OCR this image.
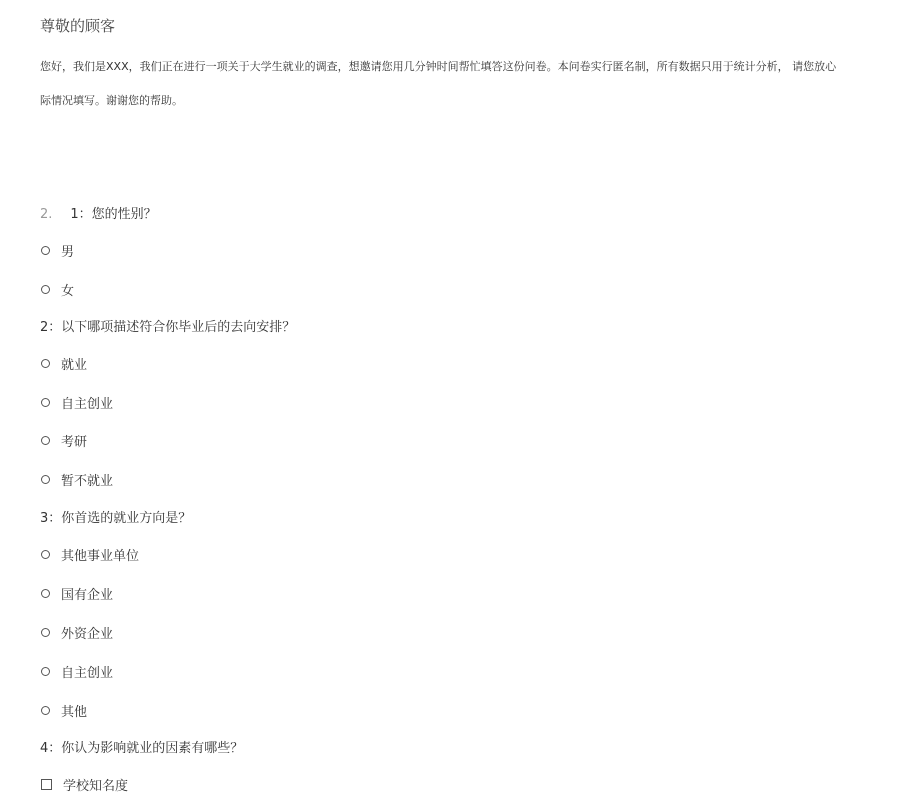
尊敬的顾客
您好，我们是XXX，我们正在进行一项关于大学生就业的调查，想邀请您用几分钟时间帮忙填答这份问卷。本问卷实行匿名制，所有数据只用于统计分析， 请您放心
际情况填写。谢谢您的帮助。
2. 1：您的性别？
男
女
2：以下哪项描述符合你毕业后的去向安排？
就业
自主创业
考研
暂不就业
3：你首选的就业方向是？
其他事业单位
国有企业
外资企业
自主创业
其他
4：你认为影响就业的因素有哪些？
学校知名度
